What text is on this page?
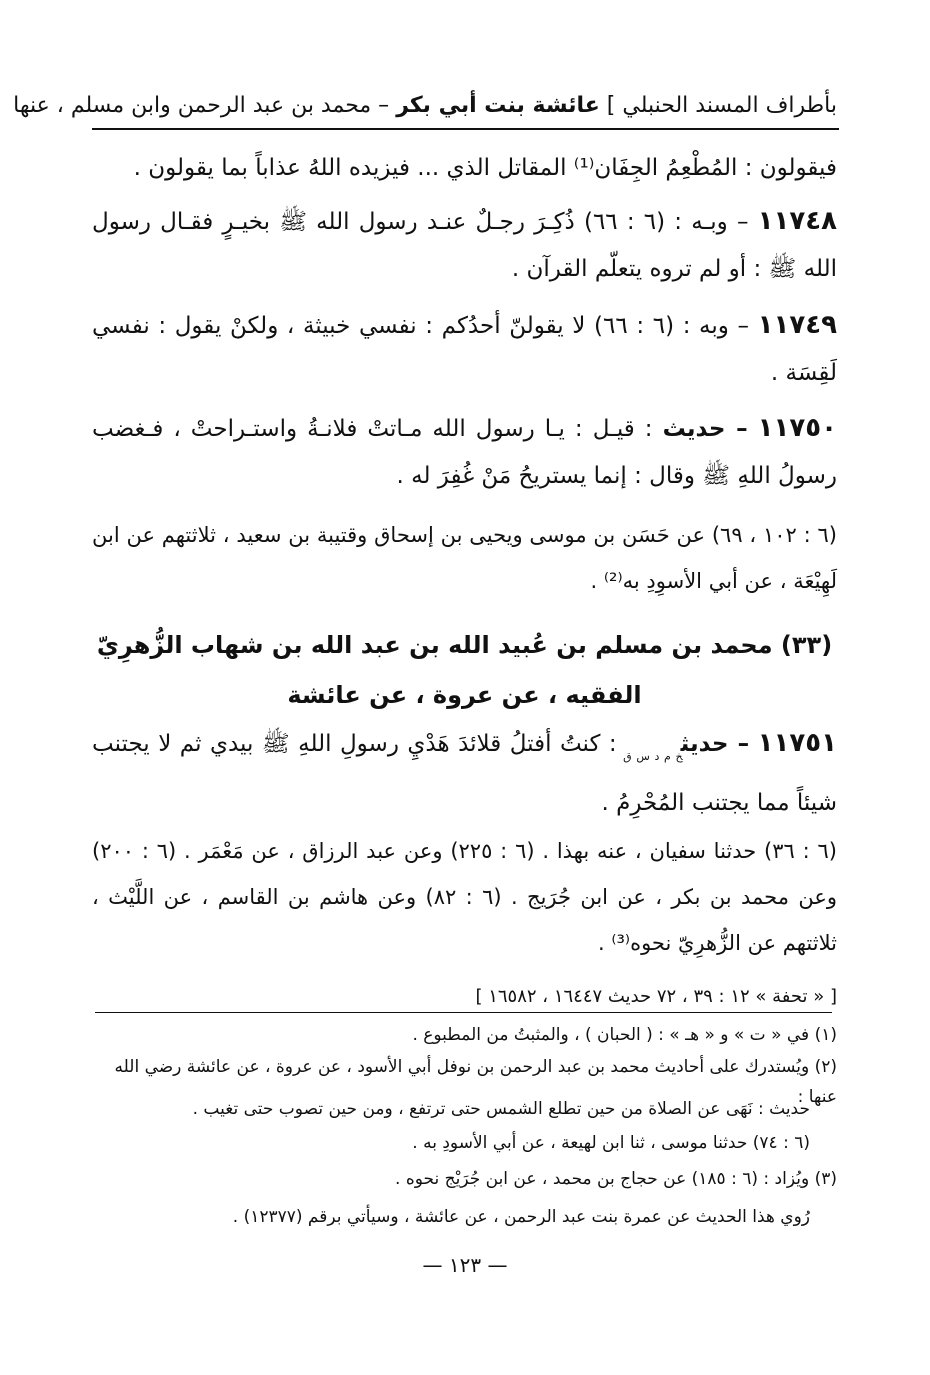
بأطراف المسند الحنبلي ] عائشة بنت أبي بكر – محمد بن عبد الرحمن وابن مسلم ، عنها
فيقولون : المُطْعِمُ الجِفَان⁽¹⁾ المقاتل الذي ... فيزيده اللهُ عذاباً بما يقولون .
١١٧٤٨ – وبـه : (٦ : ٦٦) ذُكِـرَ رجـلٌ عنـد رسول الله ﷺ بخيـرٍ فقـال رسول الله ﷺ : أو لم تروه يتعلّم القرآن .
١١٧٤٩ – وبه : (٦ : ٦٦) لا يقولنّ أحدُكم : نفسي خبيثة ، ولكنْ يقول : نفسي لَقِسَة .
١١٧٥٠ – حديث : قيـل : يـا رسول الله مـاتتْ فلانـةُ واستـراحتْ ، فـغضب رسولُ اللهِ ﷺ وقال : إنما يستريحُ مَنْ غُفِرَ له .
(٦ : ١٠٢ ، ٦٩) عن حَسَن بن موسى ويحيى بن إسحاق وقتيبة بن سعيد ، ثلاثتهم عن ابن لَهِيْعَة ، عن أبي الأسوِدِ به⁽²⁾ .
(٣٣) محمد بن مسلم بن عُبيد الله بن عبد الله بن شهاب الزُّهرِيّ الفقيه ، عن عروة ، عن عائشة
١١٧٥١ – حديث$_{خ م د س ق}$ : كنتُ أفتلُ قلائدَ هَدْيِ رسولِ اللهِ ﷺ بيدي ثم لا يجتنب شيئاً مما يجتنب المُحْرِمُ .
(٦ : ٣٦) حدثنا سفيان ، عنه بهذا . (٦ : ٢٢٥) وعن عبد الرزاق ، عن مَعْمَر . (٦ : ٢٠٠) وعن محمد بن بكر ، عن ابن جُرَيج . (٦ : ٨٢) وعن هاشم بن القاسم ، عن اللَّيْث ، ثلاثتهم عن الزُّهرِيّ نحوه⁽³⁾ .
[ « تحفة » ١٢ : ٣٩ ، ٧٢ حديث ١٦٤٤٧ ، ١٦٥٨٢ ]
(١) في « ت » و « هـ » : ( الحبان ) ، والمثبتُ من المطبوع .
(٢) ويُستدرك على أحاديث محمد بن عبد الرحمن بن نوفل أبي الأسود ، عن عروة ، عن عائشة رضي الله عنها :
حديث : نَهَى عن الصلاة من حين تطلع الشمس حتى ترتفع ، ومن حين تصوب حتى تغيب .
(٦ : ٧٤) حدثنا موسى ، ثنا ابن لهيعة ، عن أبي الأسودِ به .
(٣) ويُزاد : (٦ : ١٨٥) عن حجاج بن محمد ، عن ابن جُرَيْج نحوه .
رُوي هذا الحديث عن عمرة بنت عبد الرحمن ، عن عائشة ، وسيأتي برقم (١٢٣٧٧) .
— ١٢٣ —
